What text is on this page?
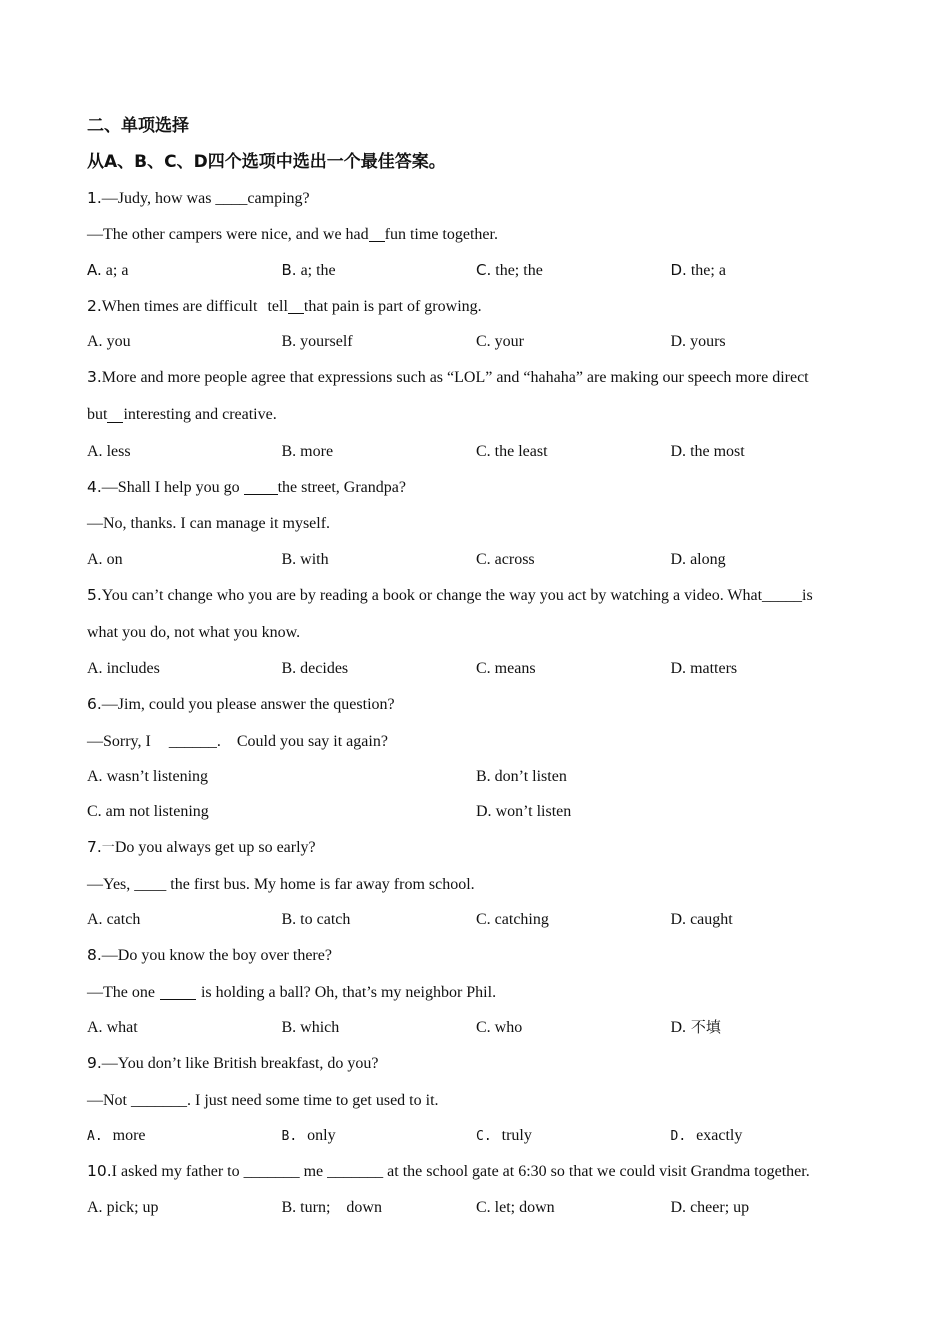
二、单项选择
从A、B、C、D四个选项中选出一个最佳答案。
1. —Judy, how was ____camping?
—The other campers were nice, and we had fun time together.
A. a; a	B. a; the	C. the; the	D. the; a
2. When times are difficult tell that pain is part of growing.
A. you	B. yourself	C. your	D. yours
3. More and more people agree that expressions such as “LOL” and “hahaha” are making our speech more direct
but interesting and creative.
A. less	B. more	C. the least	D. the most
4. —Shall I help you go the street, Grandpa?
—No, thanks. I can manage it myself.
A. on	B. with	C. across	D. along
5. You can’t change who you are by reading a book or change the way you act by watching a video. What_____is
what you do, not what you know.
A. includes	B. decides	C. means	D. matters
6. —Jim, could you please answer the question?
—Sorry, I ______. Could you say it again?
A. wasn’t listening	B. don’t listen
C. am not listening	D. won’t listen
7. 一 Do you always get up so early?
—Yes, ____ the first bus. My home is far away from school.
A. catch	B. to catch	C. catching	D. caught
8. —Do you know the boy over there?
—The one	is holding a ball? Oh, that’s my neighbor Phil.
A. what	B. which	C. who	D. 不填
9. —You don’t like British breakfast, do you?
—Not _______. I just need some time to get used to it.
A. more	B. only	C. truly	D. exactly
10. I asked my father to _______ me _______ at the school gate at 6:30 so that we could visit Grandma together.
A. pick; up	B. turn; down	C. let; down	D. cheer; up
